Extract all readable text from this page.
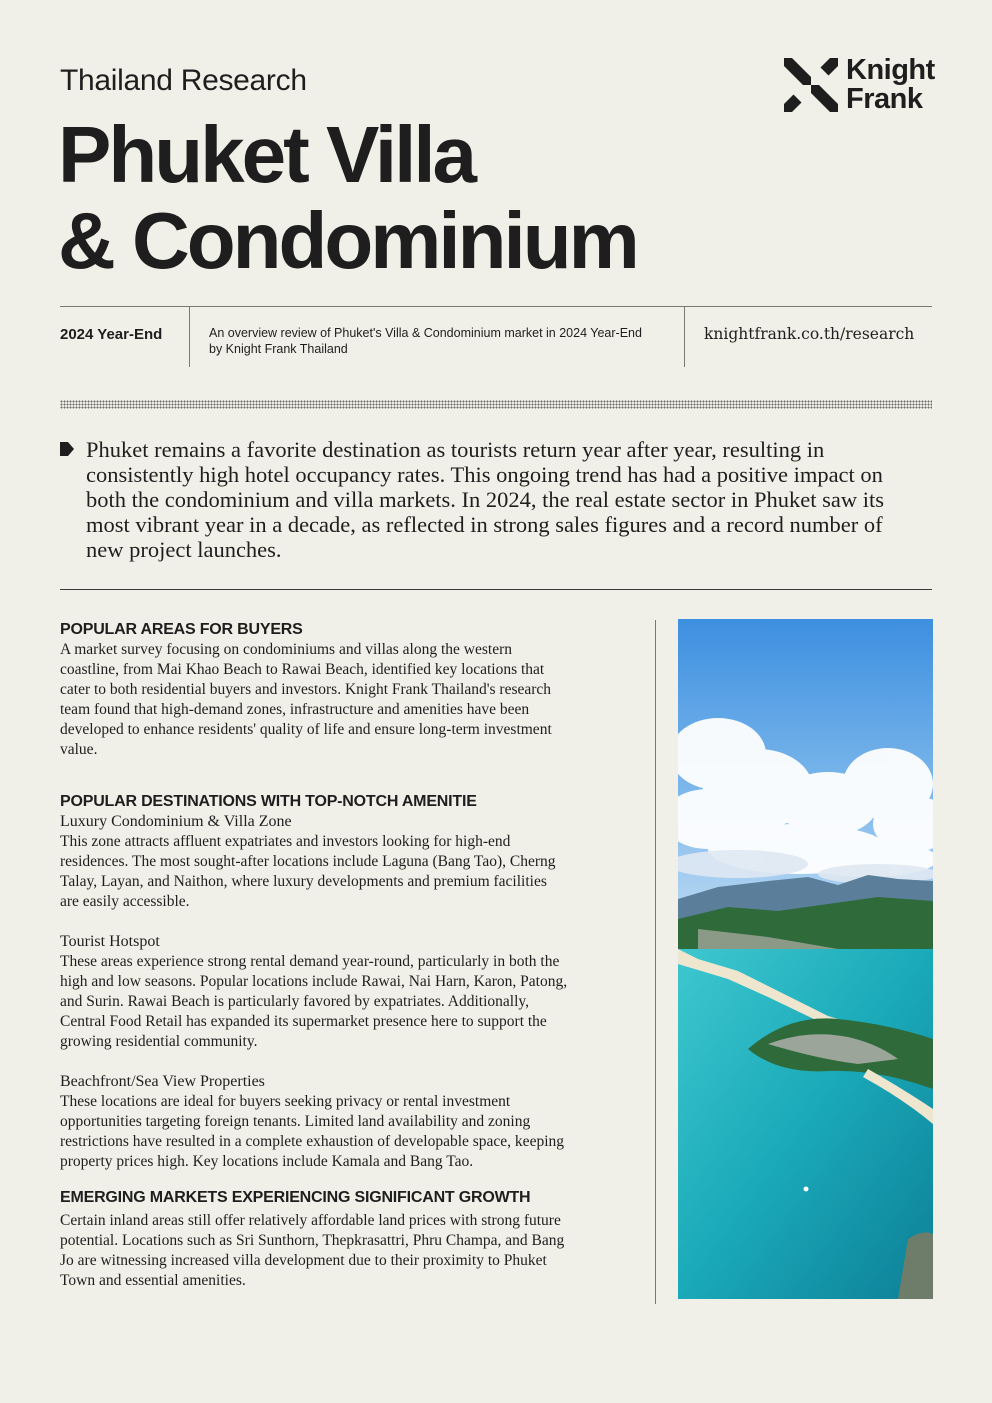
Thailand Research
Phuket Villa
& Condominium
Knight
Frank
2024 Year-End	An overview review of Phuket's Villa & Condominium market in 2024 Year-End
by Knight Frank Thailand
knightfrank.co.th/research
Phuket remains a favorite destination as tourists return year after year, resulting in
consistently high hotel occupancy rates. This ongoing trend has had a positive impact on
both the condominium and villa markets. In 2024, the real estate sector in Phuket saw its
most vibrant year in a decade, as reflected in strong sales figures and a record number of
new project launches.
POPULAR AREAS FOR BUYERS

A market survey focusing on condominiums and villas along the western

coastline, from Mai Khao Beach to Rawai Beach, identified key locations that

cater to both residential buyers and investors. Knight Frank Thailand's research

team found that high-demand zones, infrastructure and amenities have been

developed to enhance residents' quality of life and ensure long-term investment

value.

POPULAR DESTINATIONS WITH TOP-NOTCH AMENITIE

Luxury Condominium & Villa Zone

This zone attracts affluent expatriates and investors looking for high-end

residences. The most sought-after locations include Laguna (Bang Tao), Cherng

Talay, Layan, and Naithon, where luxury developments and premium facilities

are easily accessible.

Tourist Hotspot

These areas experience strong rental demand year-round, particularly in both the

high and low seasons. Popular locations include Rawai, Nai Harn, Karon, Patong,

and Surin. Rawai Beach is particularly favored by expatriates. Additionally,

Central Food Retail has expanded its supermarket presence here to support the

growing residential community.

Beachfront/Sea View Properties

These locations are ideal for buyers seeking privacy or rental investment

opportunities targeting foreign tenants. Limited land availability and zoning

restrictions have resulted in a complete exhaustion of developable space, keeping

property prices high. Key locations include Kamala and Bang Tao.

EMERGING MARKETS EXPERIENCING SIGNIFICANT GROWTH

Certain inland areas still offer relatively affordable land prices with strong future

potential. Locations such as Sri Sunthorn, Thepkrasattri, Phru Champa, and Bang

Jo are witnessing increased villa development due to their proximity to Phuket

Town and essential amenities.
